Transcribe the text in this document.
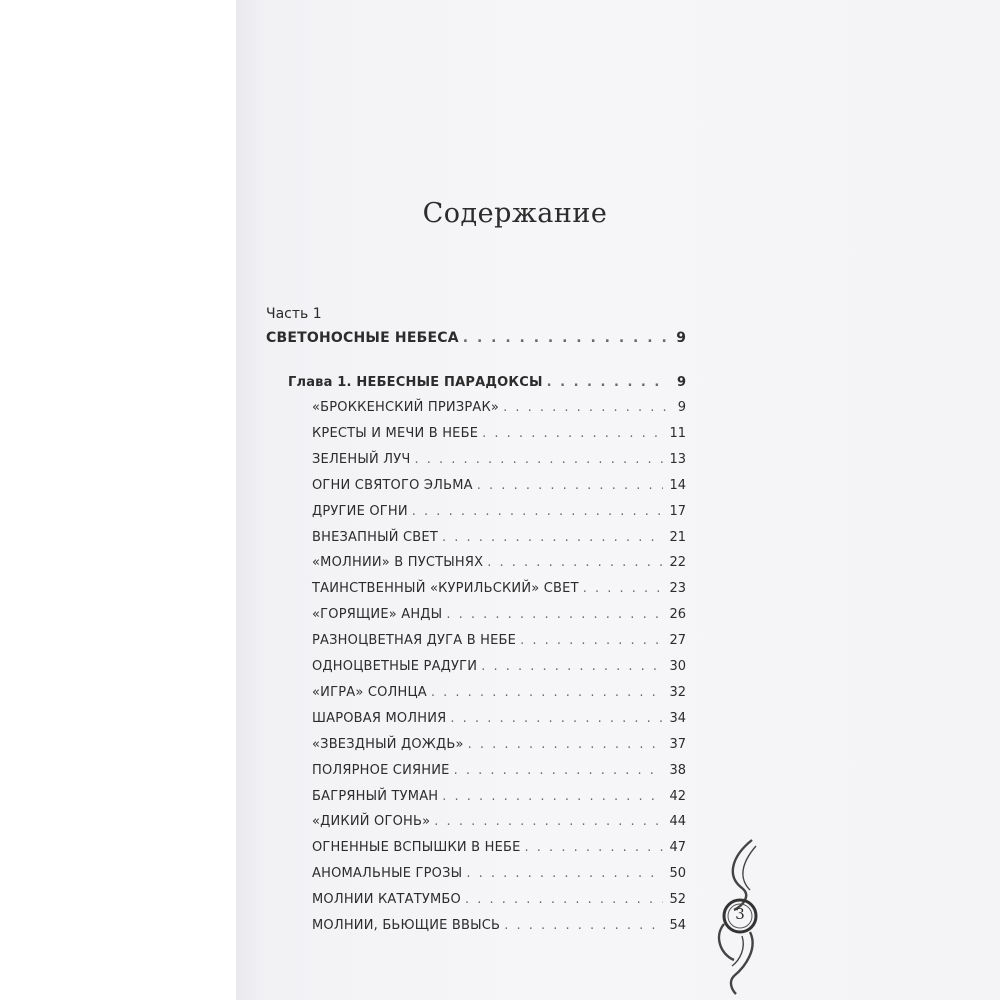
Содержание
Часть 1
СВЕТОНОСНЫЕ НЕБЕСА . . .	9
Глава 1. НЕБЕСНЫЕ ПАРАДОКСЫ . . .	9
«БРОККЕНСКИЙ ПРИЗРАК» . . .	9
КРЕСТЫ И МЕЧИ В НЕБЕ . . .	11
ЗЕЛЕНЫЙ ЛУЧ . . .	13
ОГНИ СВЯТОГО ЭЛЬМА . . .	14
ДРУГИЕ ОГНИ . . .	17
ВНЕЗАПНЫЙ СВЕТ . . .	21
«МОЛНИИ» В ПУСТЫНЯХ . . .	22
ТАИНСТВЕННЫЙ «КУРИЛЬСКИЙ» СВЕТ . . .	23
«ГОРЯЩИЕ» АНДЫ . . .	26
РАЗНОЦВЕТНАЯ ДУГА В НЕБЕ . . .	27
ОДНОЦВЕТНЫЕ РАДУГИ . . .	30
«ИГРА» СОЛНЦА . . .	32
ШАРОВАЯ МОЛНИЯ . . .	34
«ЗВЕЗДНЫЙ ДОЖДЬ» . . .	37
ПОЛЯРНОЕ СИЯНИЕ . . .	38
БАГРЯНЫЙ ТУМАН . . .	42
«ДИКИЙ ОГОНЬ» . . .	44
ОГНЕННЫЕ ВСПЫШКИ В НЕБЕ . . .	47
АНОМАЛЬНЫЕ ГРОЗЫ . . .	50
МОЛНИИ КАТАТУМБО . . .	52
МОЛНИИ, БЬЮЩИЕ ВВЫСЬ . . .	54
3
